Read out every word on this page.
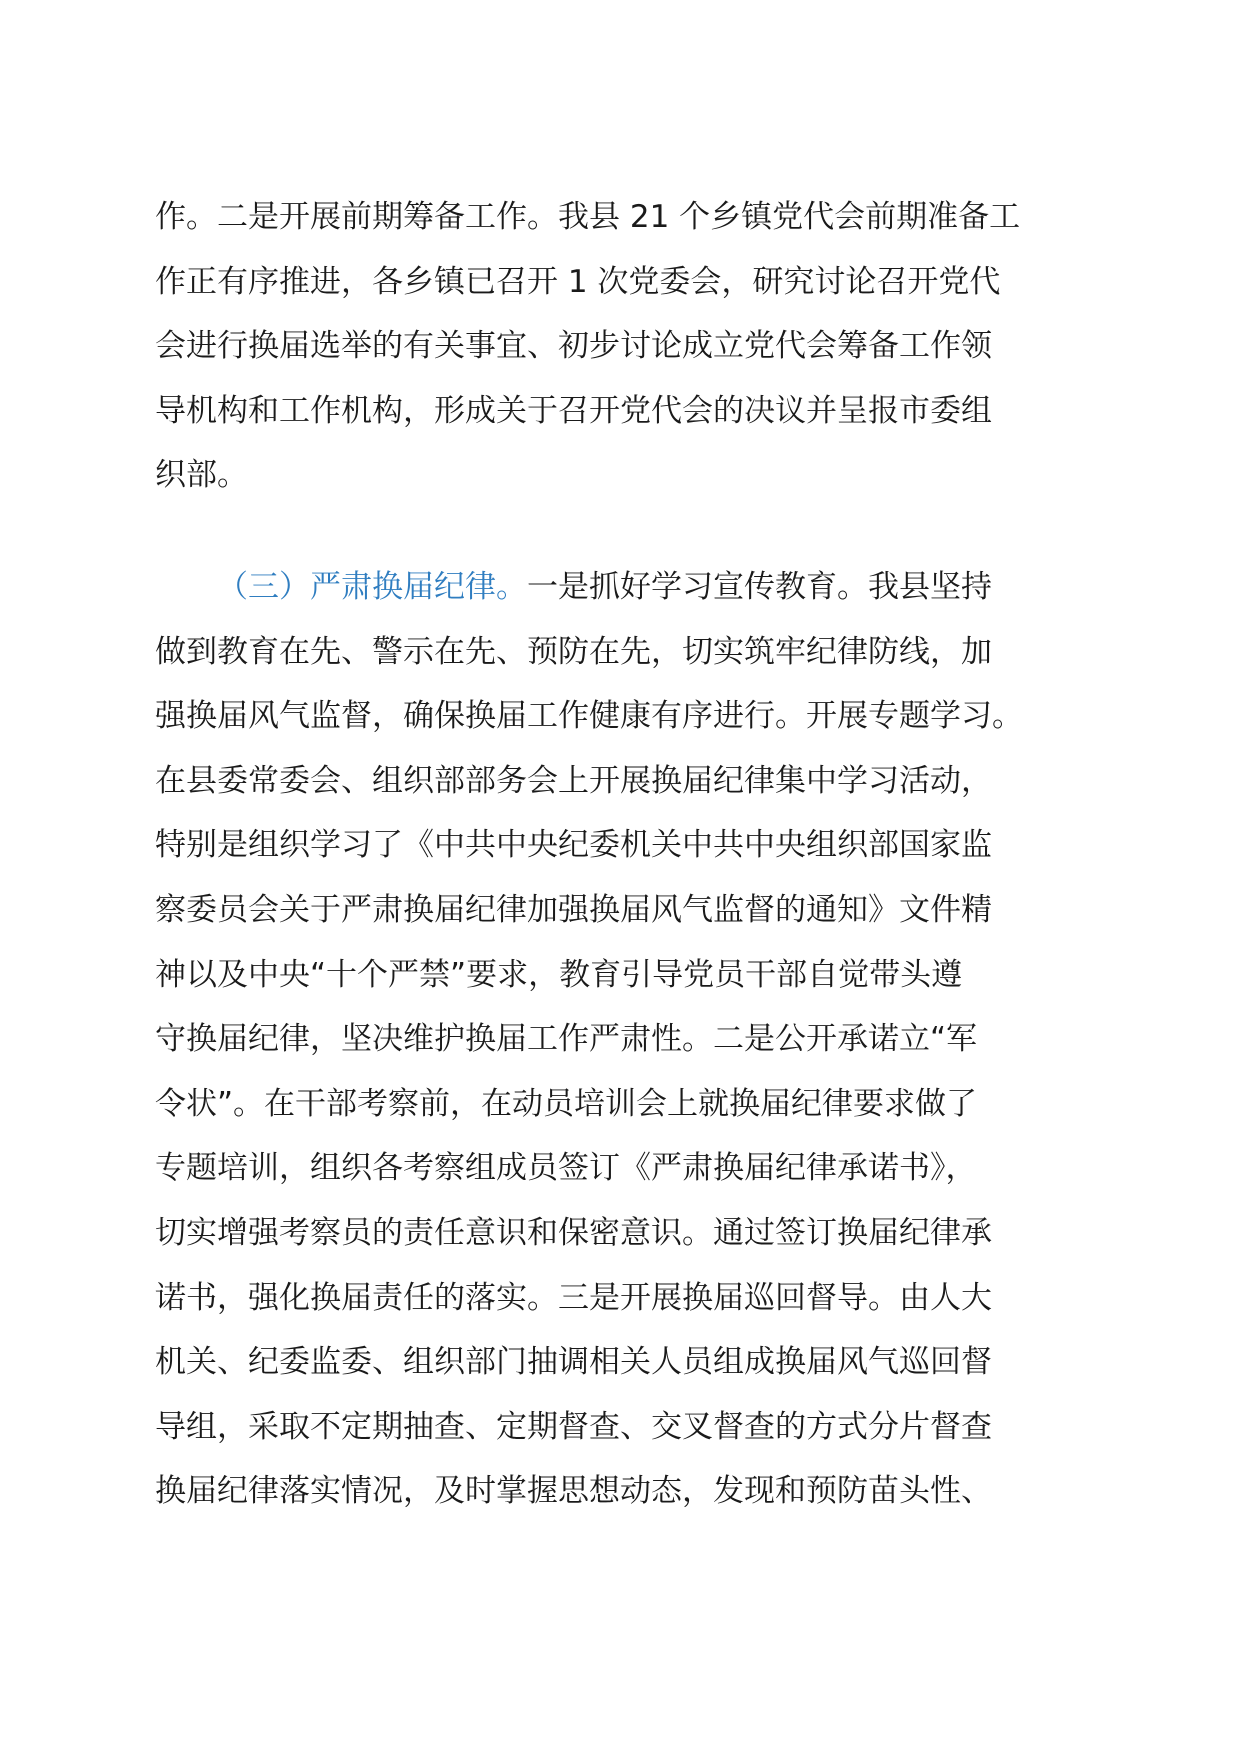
作。二是开展前期筹备工作。我县 21 个乡镇党代会前期准备工
作正有序推进，各乡镇已召开 1 次党委会，研究讨论召开党代
会进行换届选举的有关事宜、初步讨论成立党代会筹备工作领
导机构和工作机构，形成关于召开党代会的决议并呈报市委组
织部。
（三）严肃换届纪律。一是抓好学习宣传教育。我县坚持
做到教育在先、警示在先、预防在先，切实筑牢纪律防线，加
强换届风气监督，确保换届工作健康有序进行。开展专题学习。
在县委常委会、组织部部务会上开展换届纪律集中学习活动，
特别是组织学习了《中共中央纪委机关中共中央组织部国家监
察委员会关于严肃换届纪律加强换届风气监督的通知》文件精
神以及中央“十个严禁”要求，教育引导党员干部自觉带头遵
守换届纪律，坚决维护换届工作严肃性。二是公开承诺立“军
令状”。在干部考察前，在动员培训会上就换届纪律要求做了
专题培训，组织各考察组成员签订《严肃换届纪律承诺书》，
切实增强考察员的责任意识和保密意识。通过签订换届纪律承
诺书，强化换届责任的落实。三是开展换届巡回督导。由人大
机关、纪委监委、组织部门抽调相关人员组成换届风气巡回督
导组，采取不定期抽查、定期督查、交叉督查的方式分片督查
换届纪律落实情况，及时掌握思想动态，发现和预防苗头性、
